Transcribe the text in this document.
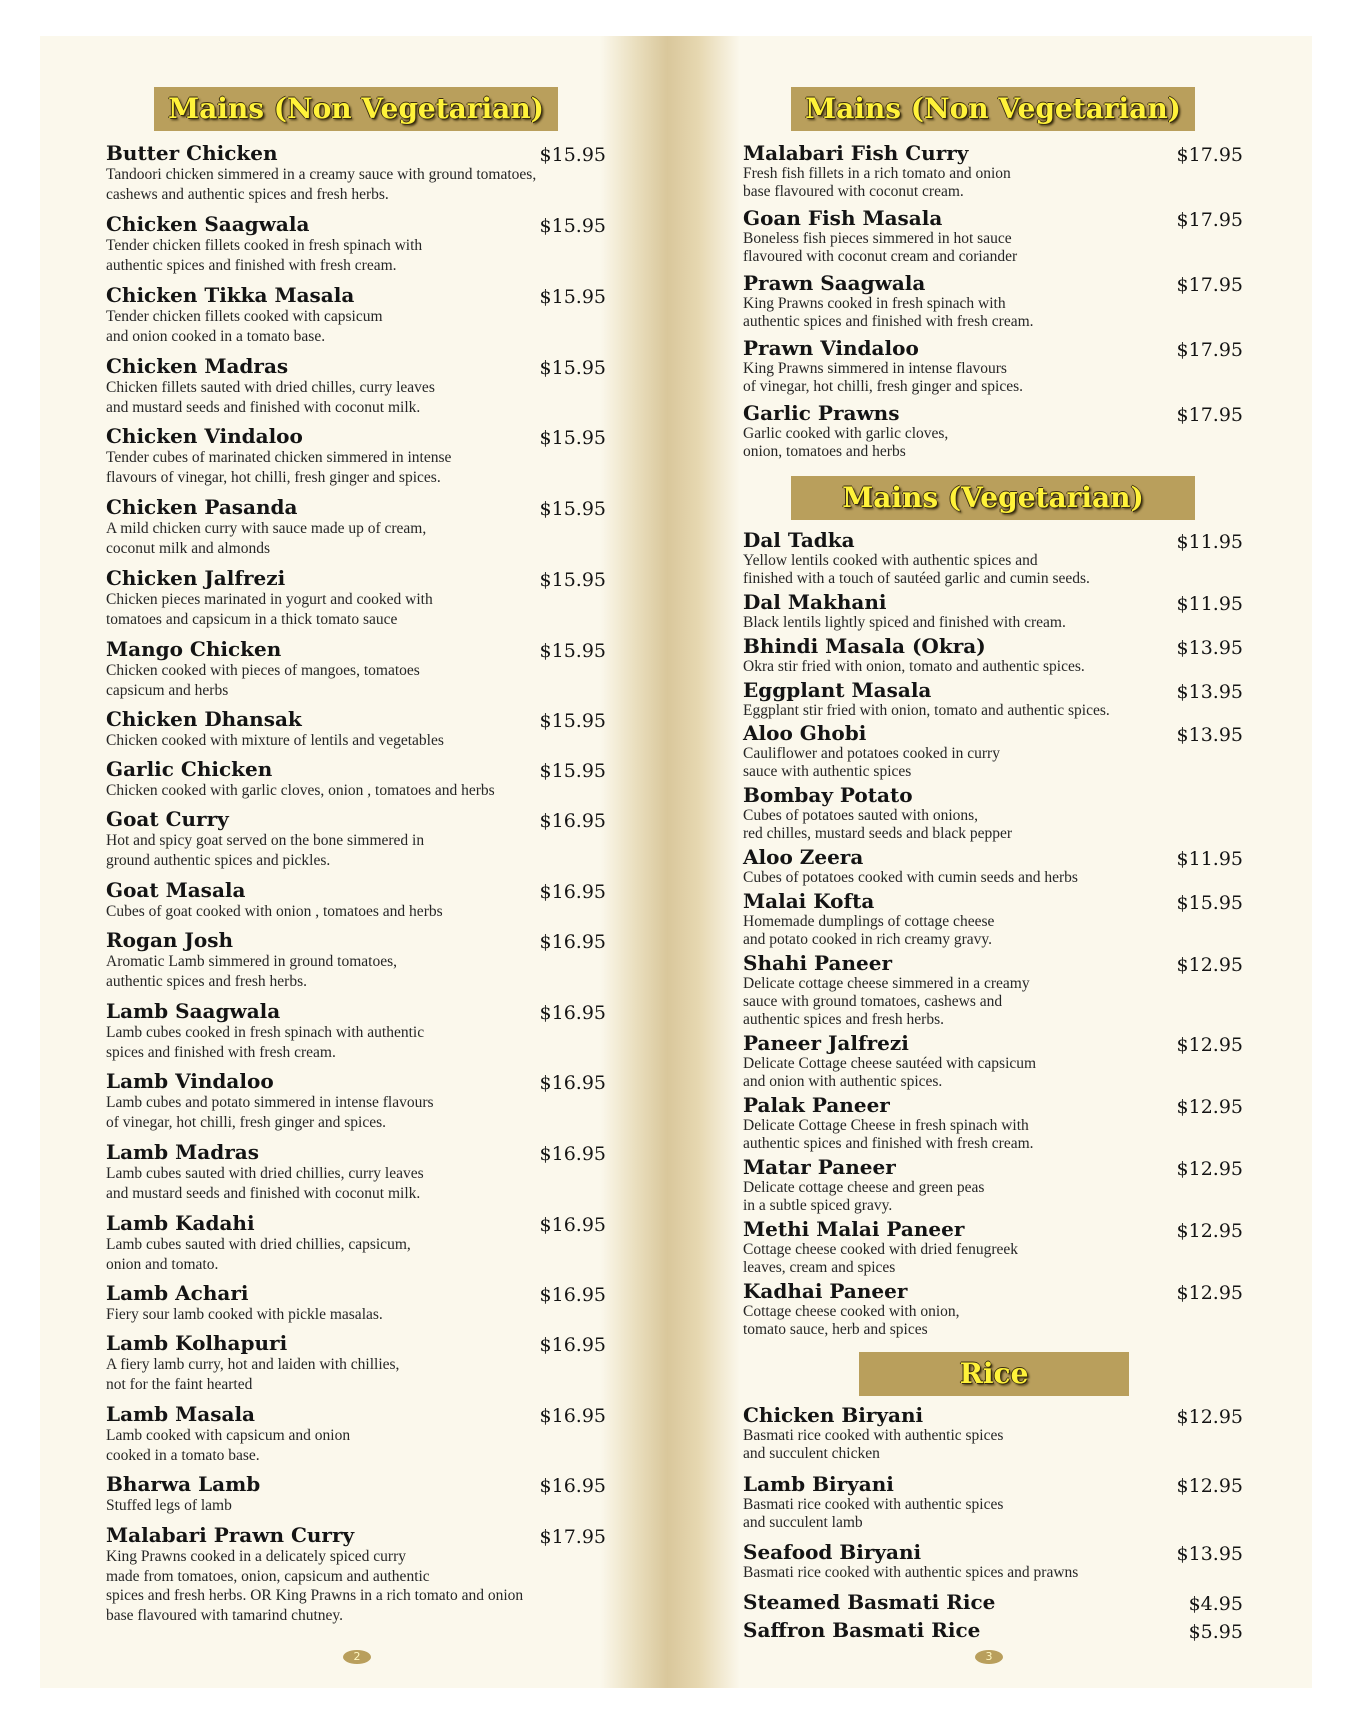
Mains (Non Vegetarian)
Butter Chicken	$15.95
Tandoori chicken simmered in a creamy sauce with ground tomatoes,
cashews and authentic spices and fresh herbs.
Chicken Saagwala	$15.95
Tender chicken fillets cooked in fresh spinach with
authentic spices and finished with fresh cream.
Chicken Tikka Masala	$15.95
Tender chicken fillets cooked with capsicum
and onion cooked in a tomato base.
Chicken Madras	$15.95
Chicken fillets sauted with dried chilles, curry leaves
and mustard seeds and finished with coconut milk.
Chicken Vindaloo	$15.95
Tender cubes of marinated chicken simmered in intense
flavours of vinegar, hot chilli, fresh ginger and spices.
Chicken Pasanda	$15.95
A mild chicken curry with sauce made up of cream,
coconut milk and almonds
Chicken Jalfrezi	$15.95
Chicken pieces marinated in yogurt and cooked with
tomatoes and capsicum in a thick tomato sauce
Mango Chicken	$15.95
Chicken cooked with pieces of mangoes, tomatoes
capsicum and herbs
Chicken Dhansak	$15.95
Chicken cooked with mixture of lentils and vegetables
Garlic Chicken	$15.95
Chicken cooked with garlic cloves, onion , tomatoes and herbs
Goat Curry	$16.95
Hot and spicy goat served on the bone simmered in
ground authentic spices and pickles.
Goat Masala	$16.95
Cubes of goat cooked with onion , tomatoes and herbs
Rogan Josh	$16.95
Aromatic Lamb simmered in ground tomatoes,
authentic spices and fresh herbs.
Lamb Saagwala	$16.95
Lamb cubes cooked in fresh spinach with authentic
spices and finished with fresh cream.
Lamb Vindaloo	$16.95
Lamb cubes and potato simmered in intense flavours
of vinegar, hot chilli, fresh ginger and spices.
Lamb Madras	$16.95
Lamb cubes sauted with dried chillies, curry leaves
and mustard seeds and finished with coconut milk.
Lamb Kadahi	$16.95
Lamb cubes sauted with dried chillies, capsicum,
onion and tomato.
Lamb Achari	$16.95
Fiery sour lamb cooked with pickle masalas.
Lamb Kolhapuri	$16.95
A fiery lamb curry, hot and laiden with chillies,
not for the faint hearted
Lamb Masala	$16.95
Lamb cooked with capsicum and onion
cooked in a tomato base.
Bharwa Lamb	$16.95
Stuffed legs of lamb
Malabari Prawn Curry	$17.95
King Prawns cooked in a delicately spiced curry
made from tomatoes, onion, capsicum and authentic
spices and fresh herbs. OR King Prawns in a rich tomato and onion
base flavoured with tamarind chutney.
2
Mains (Non Vegetarian)
Malabari Fish Curry	$17.95
Fresh fish fillets in a rich tomato and onion
base flavoured with coconut cream.
Goan Fish Masala	$17.95
Boneless fish pieces simmered in hot sauce
flavoured with coconut cream and coriander
Prawn Saagwala	$17.95
King Prawns cooked in fresh spinach with
authentic spices and finished with fresh cream.
Prawn Vindaloo	$17.95
King Prawns simmered in intense flavours
of vinegar, hot chilli, fresh ginger and spices.
Garlic Prawns	$17.95
Garlic cooked with garlic cloves,
onion, tomatoes and herbs
Mains (Vegetarian)
Dal Tadka	$11.95
Yellow lentils cooked with authentic spices and
finished with a touch of sautéed garlic and cumin seeds.
Dal Makhani	$11.95
Black lentils lightly spiced and finished with cream.
Bhindi Masala (Okra)	$13.95
Okra stir fried with onion, tomato and authentic spices.
Eggplant Masala	$13.95
Eggplant stir fried with onion, tomato and authentic spices.
Aloo Ghobi	$13.95
Cauliflower and potatoes cooked in curry
sauce with authentic spices
Bombay Potato
Cubes of potatoes sauted with onions,
red chilles, mustard seeds and black pepper
Aloo Zeera	$11.95
Cubes of potatoes cooked with cumin seeds and herbs
Malai Kofta	$15.95
Homemade dumplings of cottage cheese
and potato cooked in rich creamy gravy.
Shahi Paneer	$12.95
Delicate cottage cheese simmered in a creamy
sauce with ground tomatoes, cashews and
authentic spices and fresh herbs.
Paneer Jalfrezi	$12.95
Delicate Cottage cheese sautéed with capsicum
and onion with authentic spices.
Palak Paneer	$12.95
Delicate Cottage Cheese in fresh spinach with
authentic spices and finished with fresh cream.
Matar Paneer	$12.95
Delicate cottage cheese and green peas
in a subtle spiced gravy.
Methi Malai Paneer	$12.95
Cottage cheese cooked with dried fenugreek
leaves, cream and spices
Kadhai Paneer	$12.95
Cottage cheese cooked with onion,
tomato sauce, herb and spices
Rice
Chicken Biryani	$12.95
Basmati rice cooked with authentic spices
and succulent chicken
Lamb Biryani	$12.95
Basmati rice cooked with authentic spices
and succulent lamb
Seafood Biryani	$13.95
Basmati rice cooked with authentic spices and prawns
Steamed Basmati Rice	$4.95
Saffron Basmati Rice	$5.95
3
